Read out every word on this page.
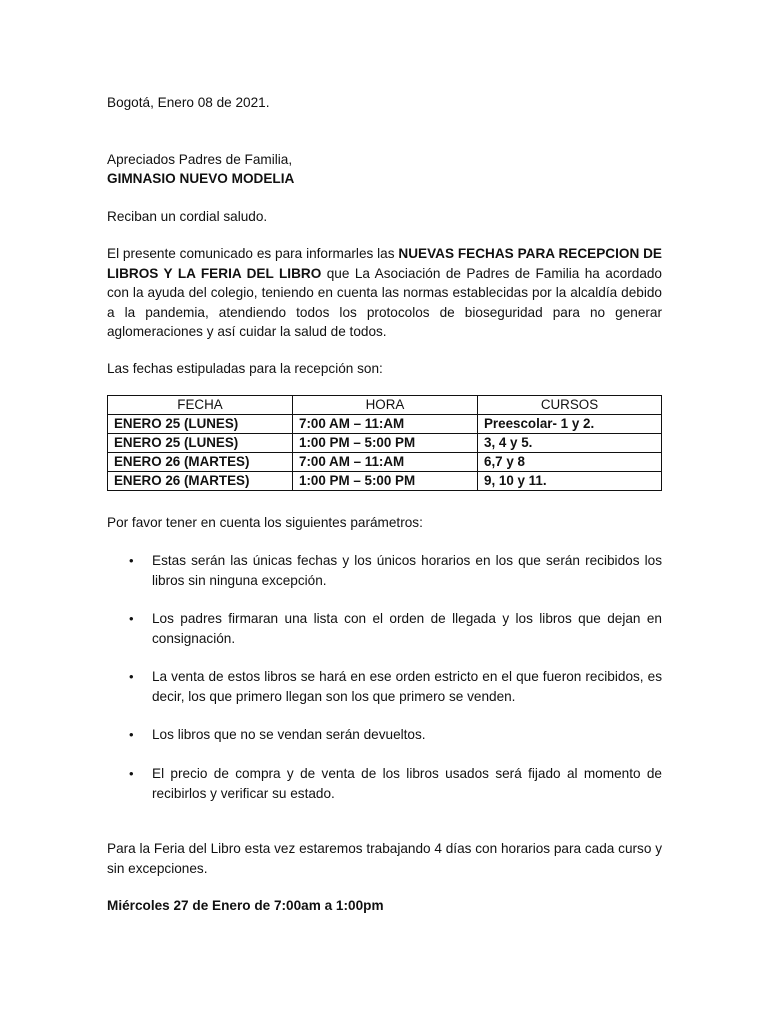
Bogotá, Enero 08 de 2021.
Apreciados Padres de Familia,
GIMNASIO NUEVO MODELIA
Reciban un cordial saludo.
El presente comunicado es para informarles las NUEVAS FECHAS PARA RECEPCION DE LIBROS Y LA FERIA DEL LIBRO que La Asociación de Padres de Familia ha acordado con la ayuda del colegio, teniendo en cuenta las normas establecidas por la alcaldía debido a la pandemia, atendiendo todos los protocolos de bioseguridad para no generar aglomeraciones y así cuidar la salud de todos.
Las fechas estipuladas para la recepción son:
FECHA	HORA	CURSOS
ENERO 25 (LUNES)	7:00 AM – 11:AM	Preescolar- 1 y 2.
ENERO 25 (LUNES)	1:00 PM – 5:00 PM	3, 4 y 5.
ENERO 26 (MARTES)	7:00 AM – 11:AM	6,7 y 8
ENERO 26 (MARTES)	1:00 PM – 5:00 PM	9, 10 y 11.
Por favor tener en cuenta los siguientes parámetros:
• Estas serán las únicas fechas y los únicos horarios en los que serán recibidos los libros sin ninguna excepción.
• Los padres firmaran una lista con el orden de llegada y los libros que dejan en consignación.
• La venta de estos libros se hará en ese orden estricto en el que fueron recibidos, es decir, los que primero llegan son los que primero se venden.
• Los libros que no se vendan serán devueltos.
• El precio de compra y de venta de los libros usados será fijado al momento de recibirlos y verificar su estado.
Para la Feria del Libro esta vez estaremos trabajando 4 días con horarios para cada curso y sin excepciones.
Miércoles 27 de Enero de 7:00am a 1:00pm
